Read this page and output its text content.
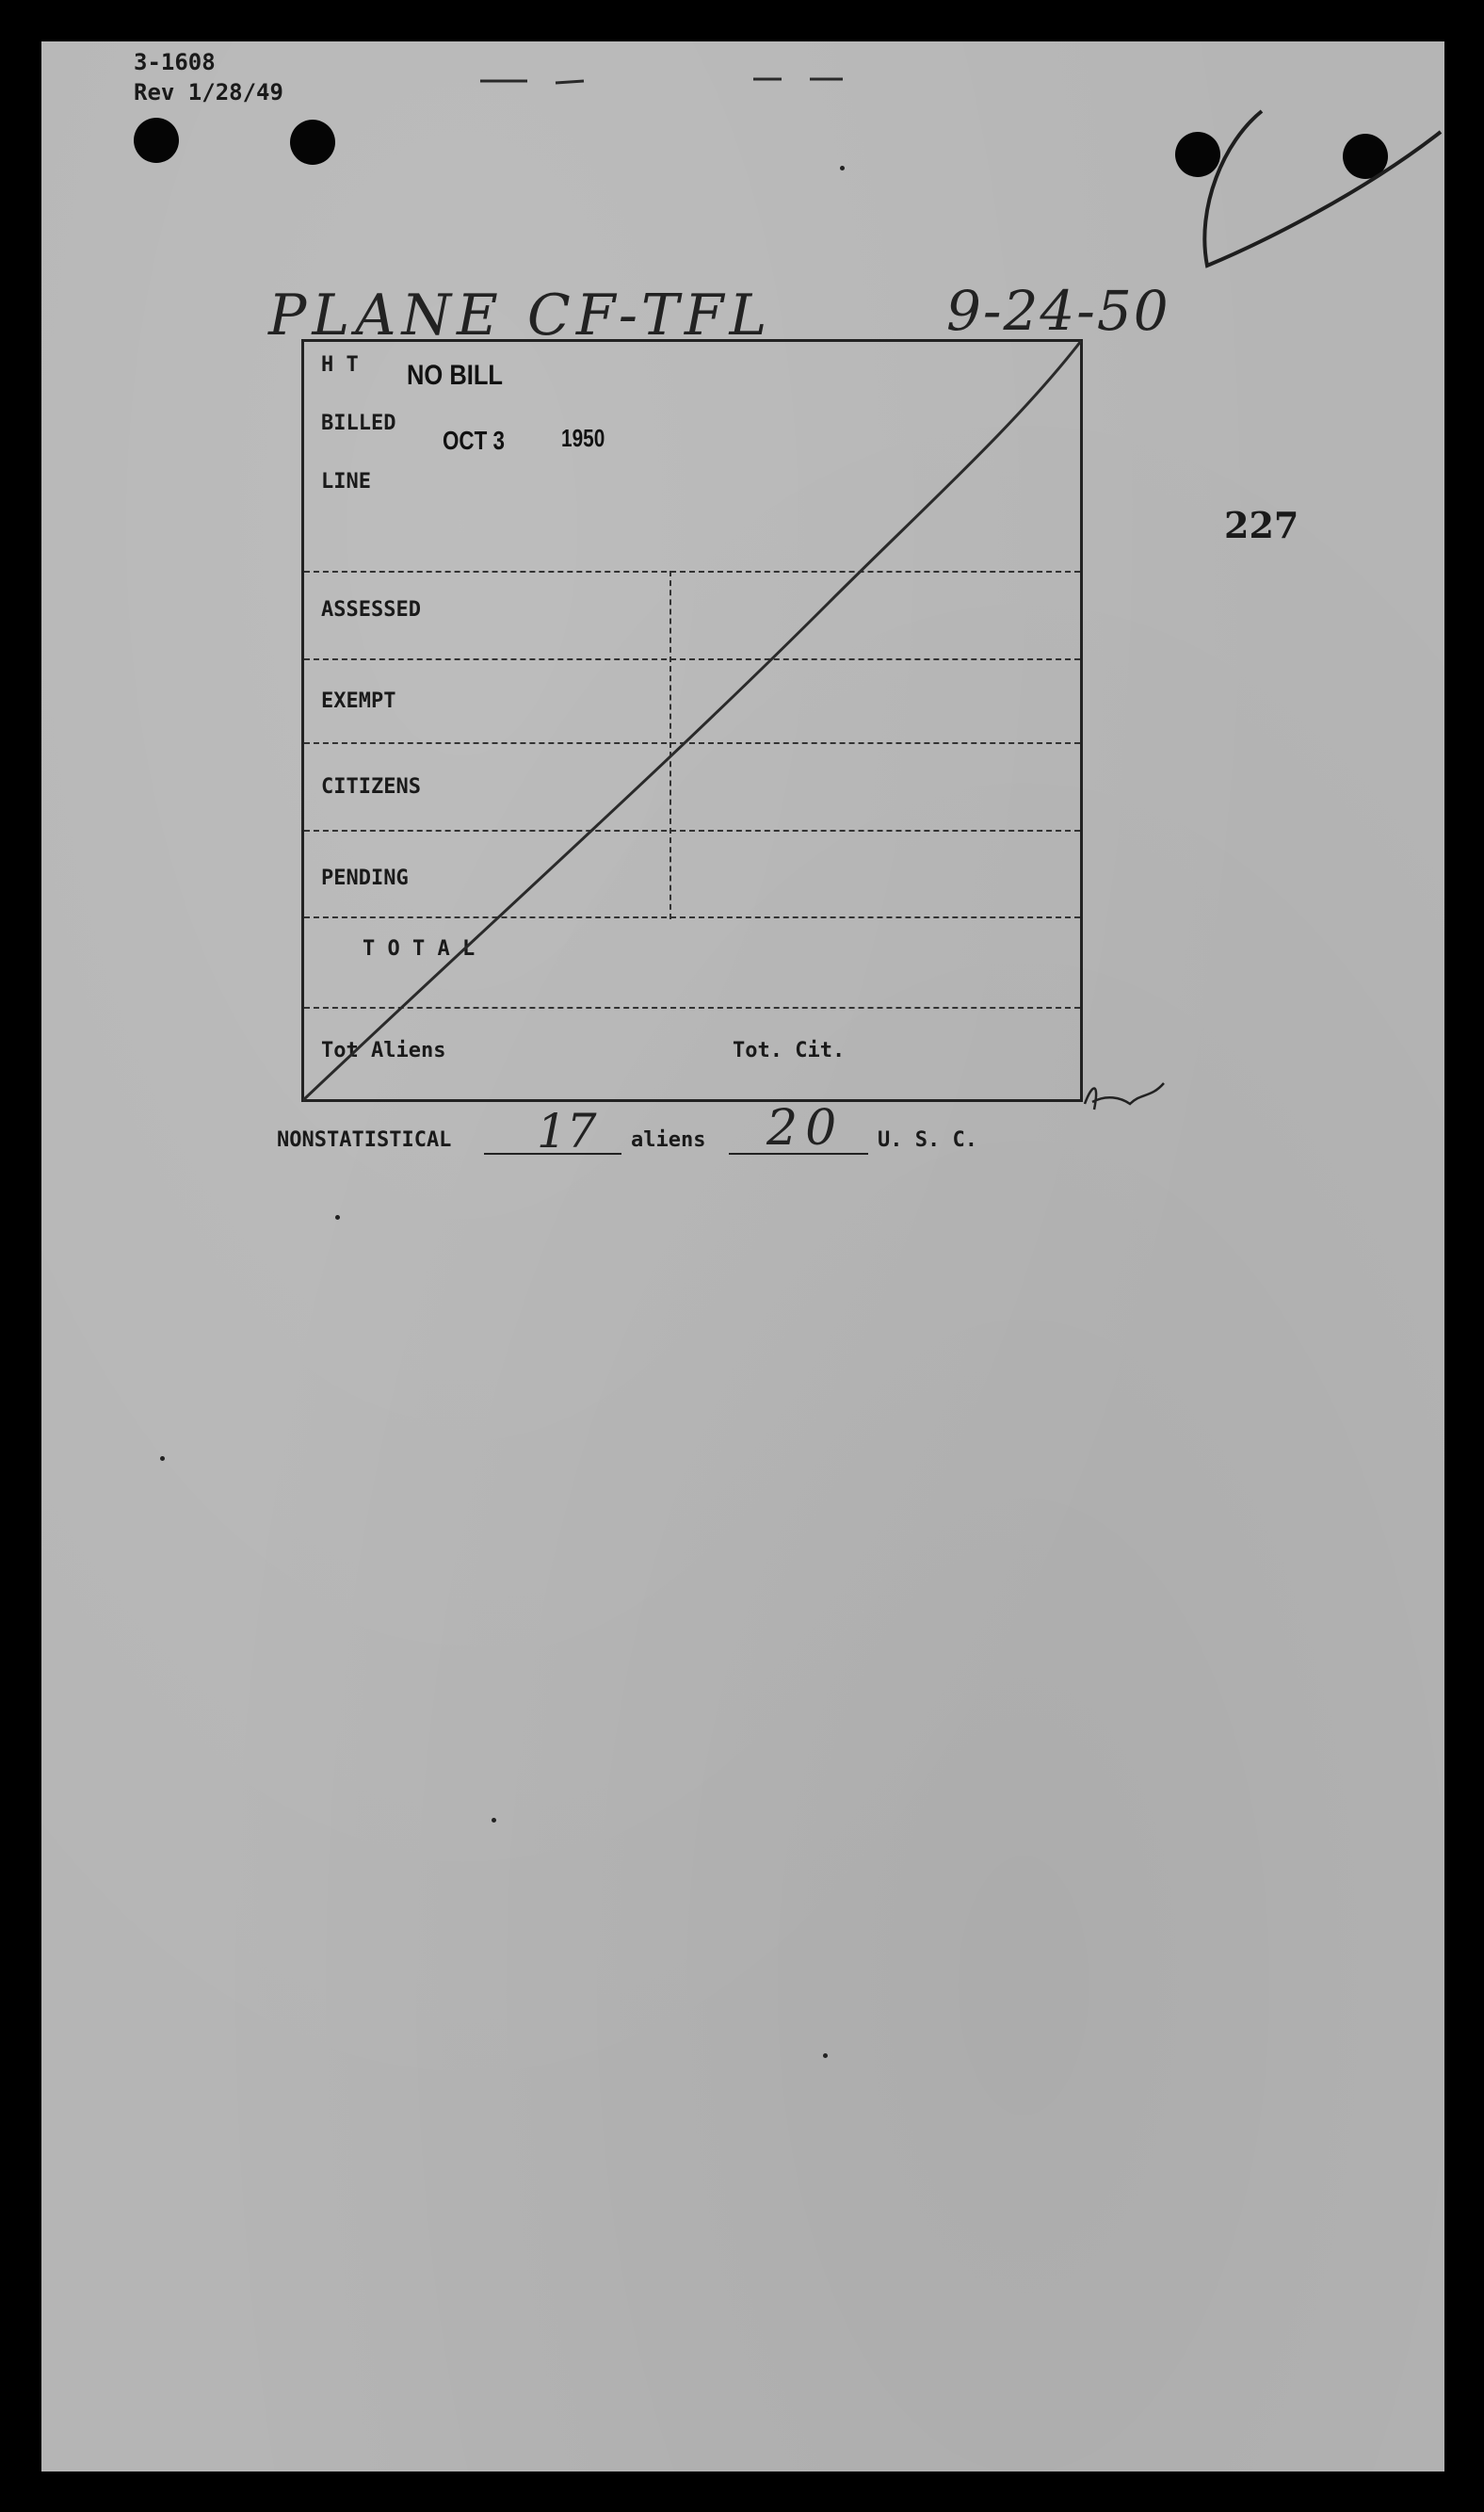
3-1608
Rev 1/28/49
227
PLANE CF-TFL	9-24-50
H T
BILLED
LINE
ASSESSED
EXEMPT
CITIZENS
PENDING
T O T A L
Tot Aliens	Tot. Cit.
NO BILL
OCT 3 1950
NONSTATISTICAL 17 aliens 20 U. S. C.
